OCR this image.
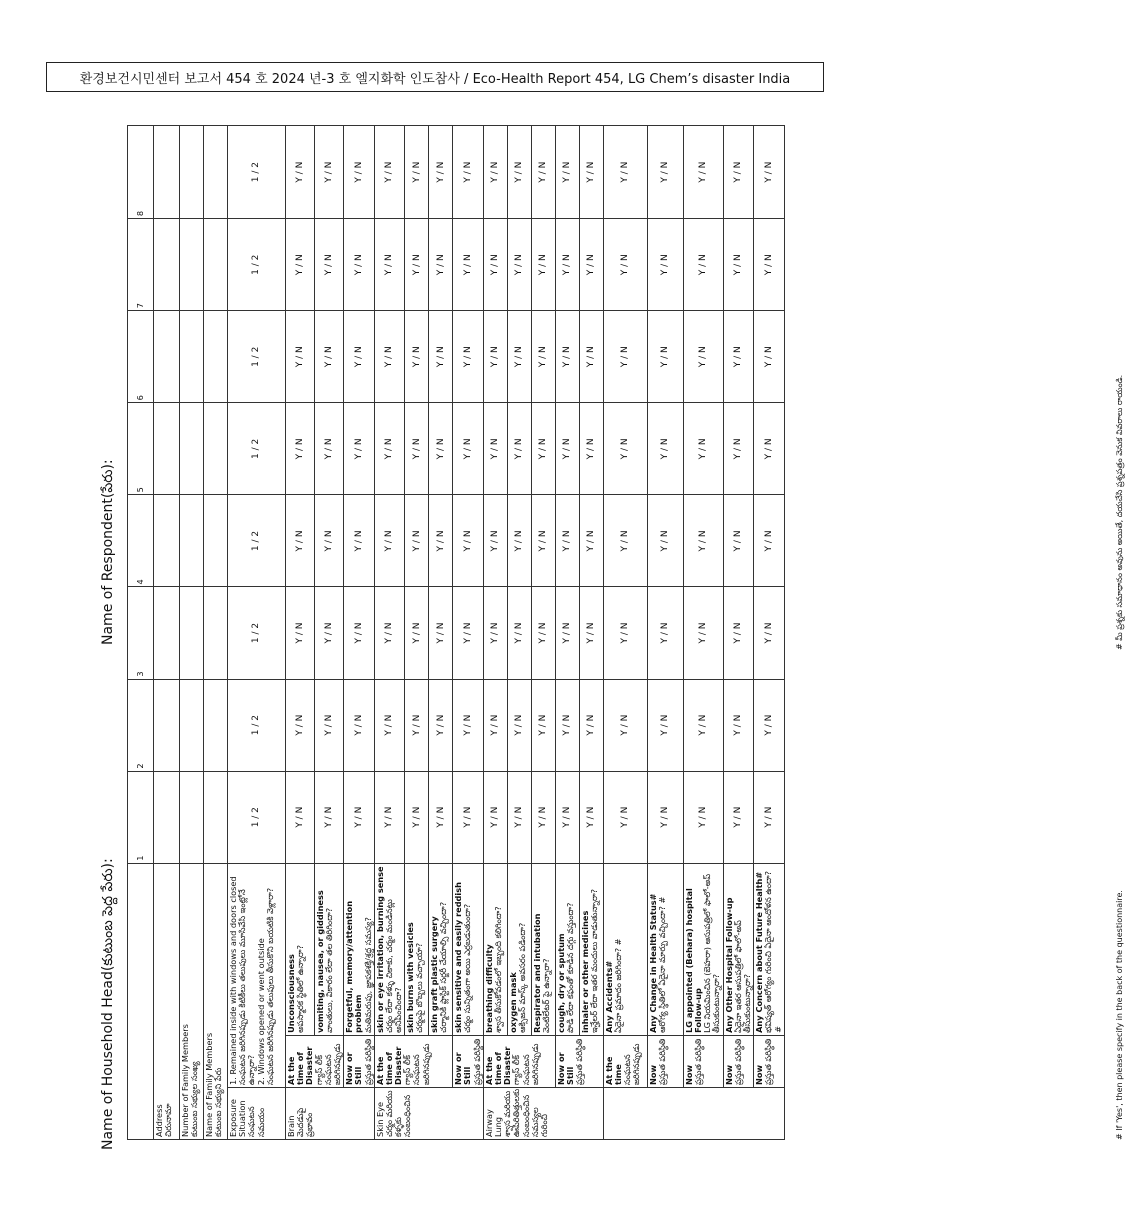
환경보건시민센터 보고서 454 호 2024 년-3 호 엘지화학 인도참사 / Eco-Health Report 454, LG Chem’s disaster India
Name of Household Head(కుటుంబ పెద్ద పేరు):
Name of Respondent(పేరు):
			1	2	3	4	5	6	7	8

Address చిరునామా										

Number of Family Members కుటుంబ సభ్యుల సంఖ్య										

Name of Family Members కుటుంబ సభ్యుని పేరు										

Exposure Situation సంఘటన సమయం	1. Remained inside with windows and doors closed సంఘటన జరిగినప్పుడు కిటికీలు తలుపులు మూసివేసి ఇంట్లోనే ఉన్నారా? 2. Windows opened or went outside సంఘటన జరిగినప్పుడు తలుపులు తీసుకొని బయటికి వెళ్లారా?		1 / 2	1 / 2	1 / 2	1 / 2	1 / 2	1 / 2	1 / 2	1 / 2

Brain మెదడుపై ప్రభావం	At the time of Disaster గ్యాస్ లీక్ సంఘటన జరిగినప్పుడు	Unconsciousness అపస్మారక స్థితిలో ఉన్నారా?	Y / N	Y / N	Y / N	Y / N	Y / N	Y / N	Y / N	Y / N

		vomiting, nausea, or giddiness వాంతులు, వికారం లేదా తల తిరిగిందా?	Y / N	Y / N	Y / N	Y / N	Y / N	Y / N	Y / N	Y / N

	Now or Still ప్రస్తుత పరిస్థితి	Forgetful, memory/attention problem మతిమరుపు, జ్ఞాపకశక్తి/శ్రద్ధ సమస్య?	Y / N	Y / N	Y / N	Y / N	Y / N	Y / N	Y / N	Y / N

Skin Eye చర్మం మరియు కళ్ళకు సంబంధించిన	At the time of Disaster గ్యాస్ లీక్ సంఘటన జరిగినప్పుడు	skin or eye irritation, burning sense చర్మం లేదా కళ్ళు చికాకు, చర్మం మండినట్లు అనిపించిందా?	Y / N	Y / N	Y / N	Y / N	Y / N	Y / N	Y / N	Y / N

		skin burns with vesicles చర్మంపై బొబ్బలు వచ్చాయా?	Y / N	Y / N	Y / N	Y / N	Y / N	Y / N	Y / N	Y / N

		skin graft plastic surgery చర్మానికి ప్లాస్టిక్ సర్జరీ చేయాల్సి వచ్చిందా?	Y / N	Y / N	Y / N	Y / N	Y / N	Y / N	Y / N	Y / N

	Now or Still ప్రస్తుత పరిస్థితి	skin sensitive and easily reddish చర్మం సున్నితంగా అయి ఎర్రబడుతుందా?	Y / N	Y / N	Y / N	Y / N	Y / N	Y / N	Y / N	Y / N

Airway Lung శ్వాస మరియు ఊపిరితిత్తులకు సంబంధించిన సమస్యల గురించి	At the time of Disaster గ్యాస్ లీక్ సంఘటన జరిగినప్పుడు	breathing difficulty శ్వాస తీసుకోవడంలో ఇబ్బంది కలిగిందా?	Y / N	Y / N	Y / N	Y / N	Y / N	Y / N	Y / N	Y / N

		oxygen mask ఆక్సిజన్ మాస్క్ అవసరం పడిందా?	Y / N	Y / N	Y / N	Y / N	Y / N	Y / N	Y / N	Y / N

		Respirator and intubation వెంటిలేటర్ పై ఉన్నారా?	Y / N	Y / N	Y / N	Y / N	Y / N	Y / N	Y / N	Y / N

	Now or Still ప్రస్తుత పరిస్థితి	cough, dry or sputum పొడి లేదా కఫంతో కూడిన దగ్గు వస్తుందా?	Y / N	Y / N	Y / N	Y / N	Y / N	Y / N	Y / N	Y / N

		inhaler or other medicines ఇన్హేలర్ లేదా ఇతర మందులు వాడుతున్నారా?	Y / N	Y / N	Y / N	Y / N	Y / N	Y / N	Y / N	Y / N

	At the time సంఘటన జరిగినప్పుడు	Any Accidents# ఏదైనా ప్రమాదం జరిగిందా? #	Y / N	Y / N	Y / N	Y / N	Y / N	Y / N	Y / N	Y / N

	Now ప్రస్తుత పరిస్థితి	Any Change in Health Status# ఆరోగ్య స్థితిలో ఏదైనా మార్పు వచ్చిందా? #	Y / N	Y / N	Y / N	Y / N	Y / N	Y / N	Y / N	Y / N

	Now ప్రస్తుత పరిస్థితి	LG appointed (Behara) hospital Follow-up LG నియమించిన (బెహరా) ఆసుపత్రిలో ఫాలో-అప్ తీసుకుంటున్నారా?	Y / N	Y / N	Y / N	Y / N	Y / N	Y / N	Y / N	Y / N

	Now ప్రస్తుత పరిస్థితి	Any Other Hospital Follow-up ఏదైనా ఇతర ఆసుపత్రిలో ఫాలో-అప్ తీసుకుంటున్నారా?	Y / N	Y / N	Y / N	Y / N	Y / N	Y / N	Y / N	Y / N

	Now ప్రస్తుత పరిస్థితి	Any Concern about Future Health# భవిష్యత్ ఆరోగ్యం గురించి ఏదైనా ఆందోళన ఉందా? #	Y / N	Y / N	Y / N	Y / N	Y / N	Y / N	Y / N	Y / N
# If 'Yes', then please specify in the back of the questionnaire.
# మీ ప్రశ్నకు సమాధానం అవును అయితే, దయచేసి ప్రశ్నపత్రం వెనుక వివరాలు రాయండి.
